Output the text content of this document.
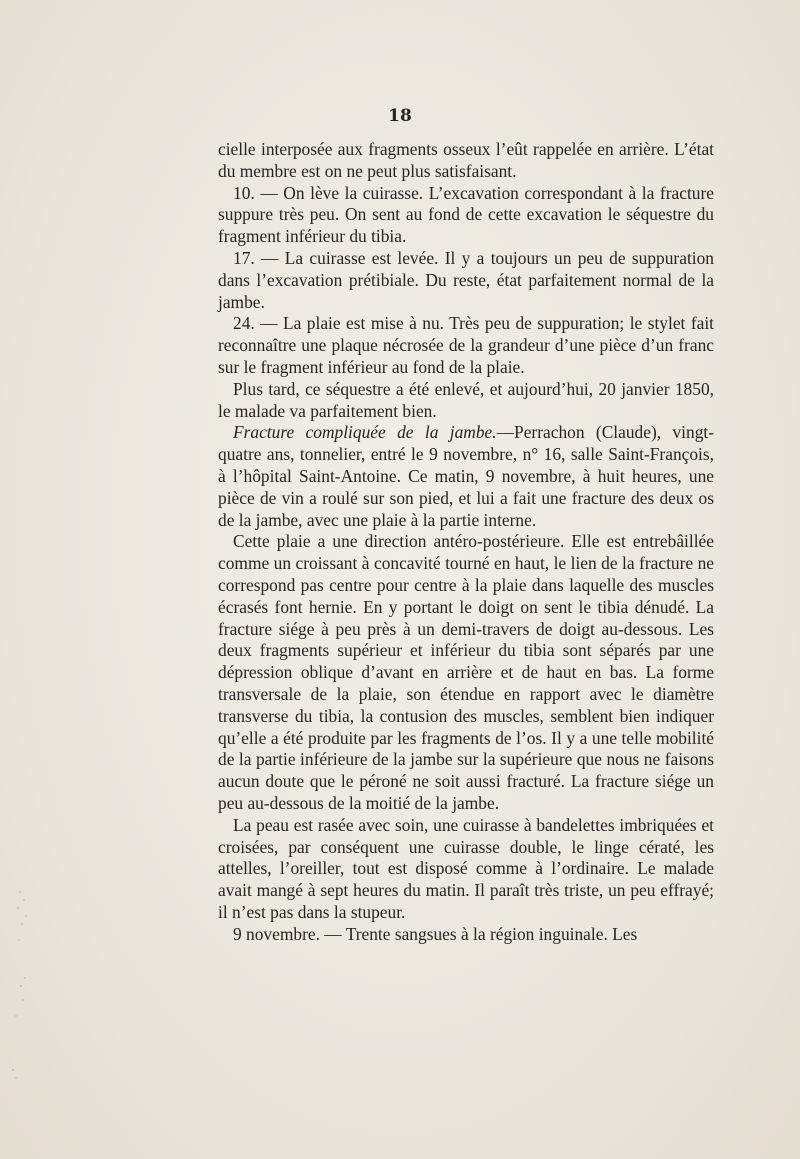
18

cielle interposée aux fragments osseux l’eût rappelée en arrière. L’état du membre est on ne peut plus satisfaisant.

10. — On lève la cuirasse. L’excavation correspondant à la fracture suppure très peu. On sent au fond de cette excavation le séquestre du fragment inférieur du tibia.

17. — La cuirasse est levée. Il y a toujours un peu de suppuration dans l’excavation prétibiale. Du reste, état parfaitement normal de la jambe.

24. — La plaie est mise à nu. Très peu de suppuration; le stylet fait reconnaître une plaque nécrosée de la grandeur d’une pièce d’un franc sur le fragment inférieur au fond de la plaie.

Plus tard, ce séquestre a été enlevé, et aujourd’hui, 20 janvier 1850, le malade va parfaitement bien.

Fracture compliquée de la jambe.—Perrachon (Claude), vingt-quatre ans, tonnelier, entré le 9 novembre, n° 16, salle Saint-François, à l’hôpital Saint-Antoine. Ce matin, 9 novembre, à huit heures, une pièce de vin a roulé sur son pied, et lui a fait une fracture des deux os de la jambe, avec une plaie à la partie interne.

Cette plaie a une direction antéro-postérieure. Elle est entrebâillée comme un croissant à concavité tourné en haut, le lien de la fracture ne correspond pas centre pour centre à la plaie dans laquelle des muscles écrasés font hernie. En y portant le doigt on sent le tibia dénudé. La fracture siége à peu près à un demi-travers de doigt au-dessous. Les deux fragments supérieur et inférieur du tibia sont séparés par une dépression oblique d’avant en arrière et de haut en bas. La forme transversale de la plaie, son étendue en rapport avec le diamètre transverse du tibia, la contusion des muscles, semblent bien indiquer qu’elle a été produite par les fragments de l’os. Il y a une telle mobilité de la partie inférieure de la jambe sur la supérieure que nous ne faisons aucun doute que le péroné ne soit aussi fracturé. La fracture siége un peu au-dessous de la moitié de la jambe.

La peau est rasée avec soin, une cuirasse à bandelettes imbriquées et croisées, par conséquent une cuirasse double, le linge cératé, les attelles, l’oreiller, tout est disposé comme à l’ordinaire. Le malade avait mangé à sept heures du matin. Il paraît très triste, un peu effrayé; il n’est pas dans la stupeur.

9 novembre. — Trente sangsues à la région inguinale. Les
